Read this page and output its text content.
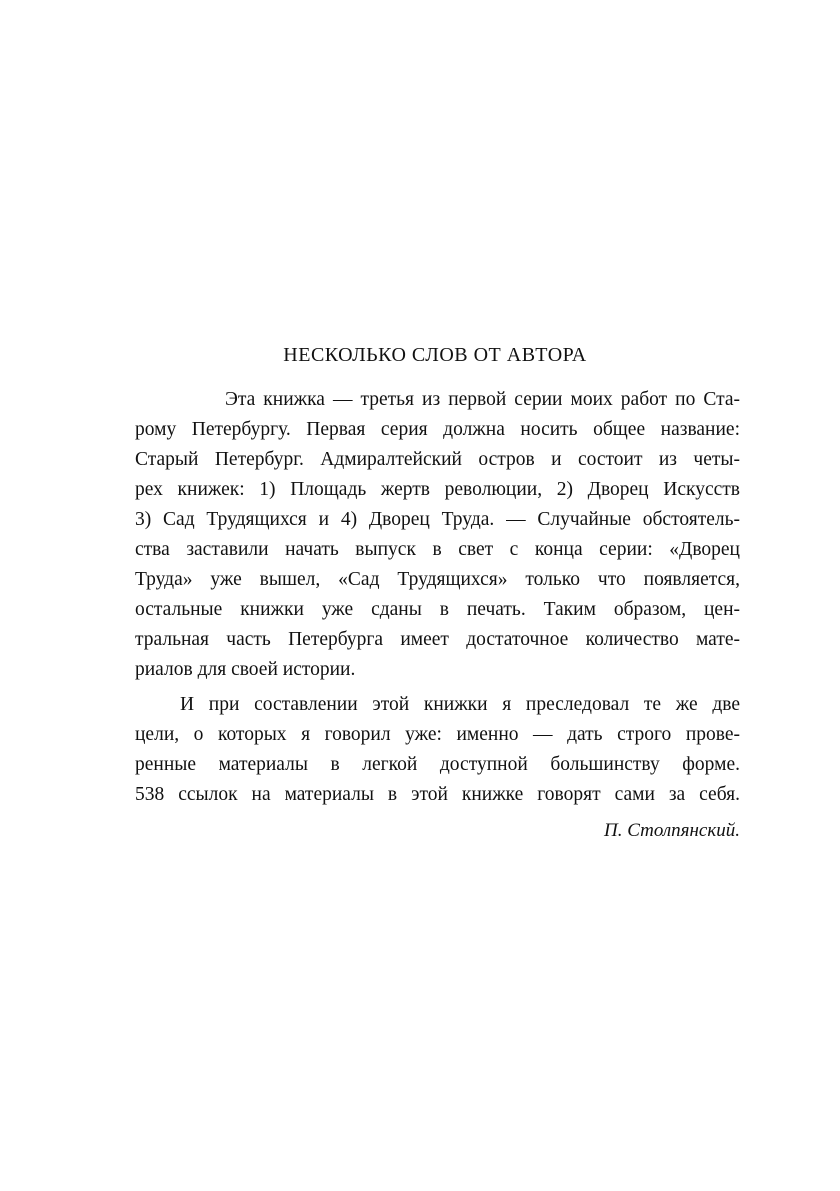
НЕСКОЛЬКО СЛОВ ОТ АВТОРА

Эта книжка — третья из первой серии моих работ по Ста-

рому Петербургу. Первая серия должна носить общее название:

Старый Петербург. Адмиралтейский остров и состоит из четы-

рех книжек: 1) Площадь жертв революции, 2) Дворец Искусств

3) Сад Трудящихся и 4) Дворец Труда. — Случайные обстоятель-

ства заставили начать выпуск в свет с конца серии: «Дворец

Труда» уже вышел, «Сад Трудящихся» только что появляется,

остальные книжки уже сданы в печать. Таким образом, цен-

тральная часть Петербурга имеет достаточное количество мате-

риалов для своей истории.

И при составлении этой книжки я преследовал те же две

цели, о которых я говорил уже: именно — дать строго прове-

ренные материалы в легкой доступной большинству форме.

538 ссылок на материалы в этой книжке говорят сами за себя.

П. Столпянский.
